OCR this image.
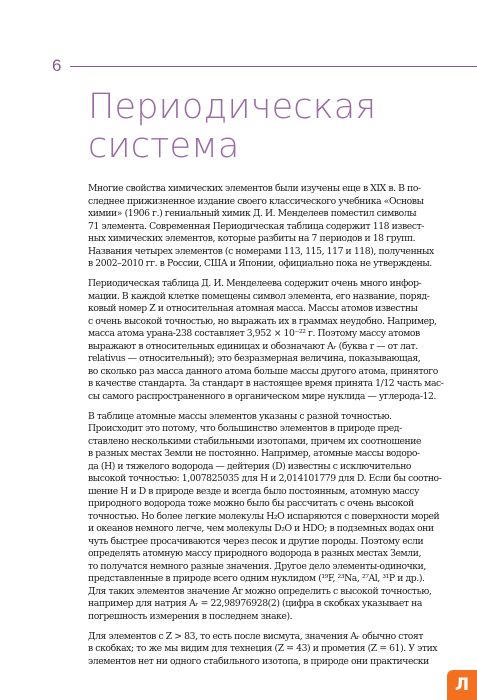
6
Периодическая
система
Многие свойства химических элементов были изучены еще в XIX в. В по-
следнее прижизненное издание своего классического учебника «Основы
химии» (1906 г.) гениальный химик Д. И. Менделеев поместил символы
71 элемента. Современная Периодическая таблица содержит 118 извест-
ных химических элементов, которые разбиты на 7 периодов и 18 групп.
Названия четырех элементов (с номерами 113, 115, 117 и 118), полученных
в 2002–2010 гг. в России, США и Японии, официально пока не утверждены.
Периодическая таблица Д. И. Менделеева содержит очень много инфор-
мации. В каждой клетке помещены символ элемента, его название, поряд-
ковый номер Z и относительная атомная масса. Массы атомов известны
с очень высокой точностью, но выражать их в граммах неудобно. Например,
масса атома урана-238 составляет 3,952 × 10⁻²² г. Поэтому массу атомов
выражают в относительных единицах и обозначают Aᵣ (буква r — от лат.
relativus — относительный); это безразмерная величина, показывающая,
во сколько раз масса данного атома больше массы другого атома, принятого
в качестве стандарта. За стандарт в настоящее время принята 1/12 часть мас-
сы самого распространенного в органическом мире нуклида — углерода-12.
В таблице атомные массы элементов указаны с разной точностью.
Происходит это потому, что большинство элементов в природе пред-
ставлено несколькими стабильными изотопами, причем их соотношение
в разных местах Земли не постоянно. Например, атомные массы водоро-
да (H) и тяжелого водорода — дейтерия (D) известны с исключительно
высокой точностью: 1,007825035 для H и 2,014101779 для D. Если бы соотно-
шение H и D в природе везде и всегда было постоянным, атомную массу
природного водорода тоже можно было бы рассчитать с очень высокой
точностью. Но более легкие молекулы H₂O испаряются с поверхности морей
и океанов немного легче, чем молекулы D₂O и HDO; в подземных водах они
чуть быстрее просачиваются через песок и другие породы. Поэтому если
определять атомную массу природного водорода в разных местах Земли,
то получатся немного разные значения. Другое дело элементы-одиночки,
представленные в природе всего одним нуклидом (¹⁹F, ²³Na, ²⁷Al, ³¹P и др.).
Для таких элементов значение Ar можно определить с высокой точностью,
например для натрия Aᵣ = 22,98976928(2) (цифра в скобках указывает на
погрешность измерения в последнем знаке).
Для элементов с Z > 83, то есть после висмута, значения Aᵣ обычно стоят
в скобках; то же мы видим для технеция (Z = 43) и прометия (Z = 61). У этих
элементов нет ни одного стабильного изотопа, в природе они практически
Л
